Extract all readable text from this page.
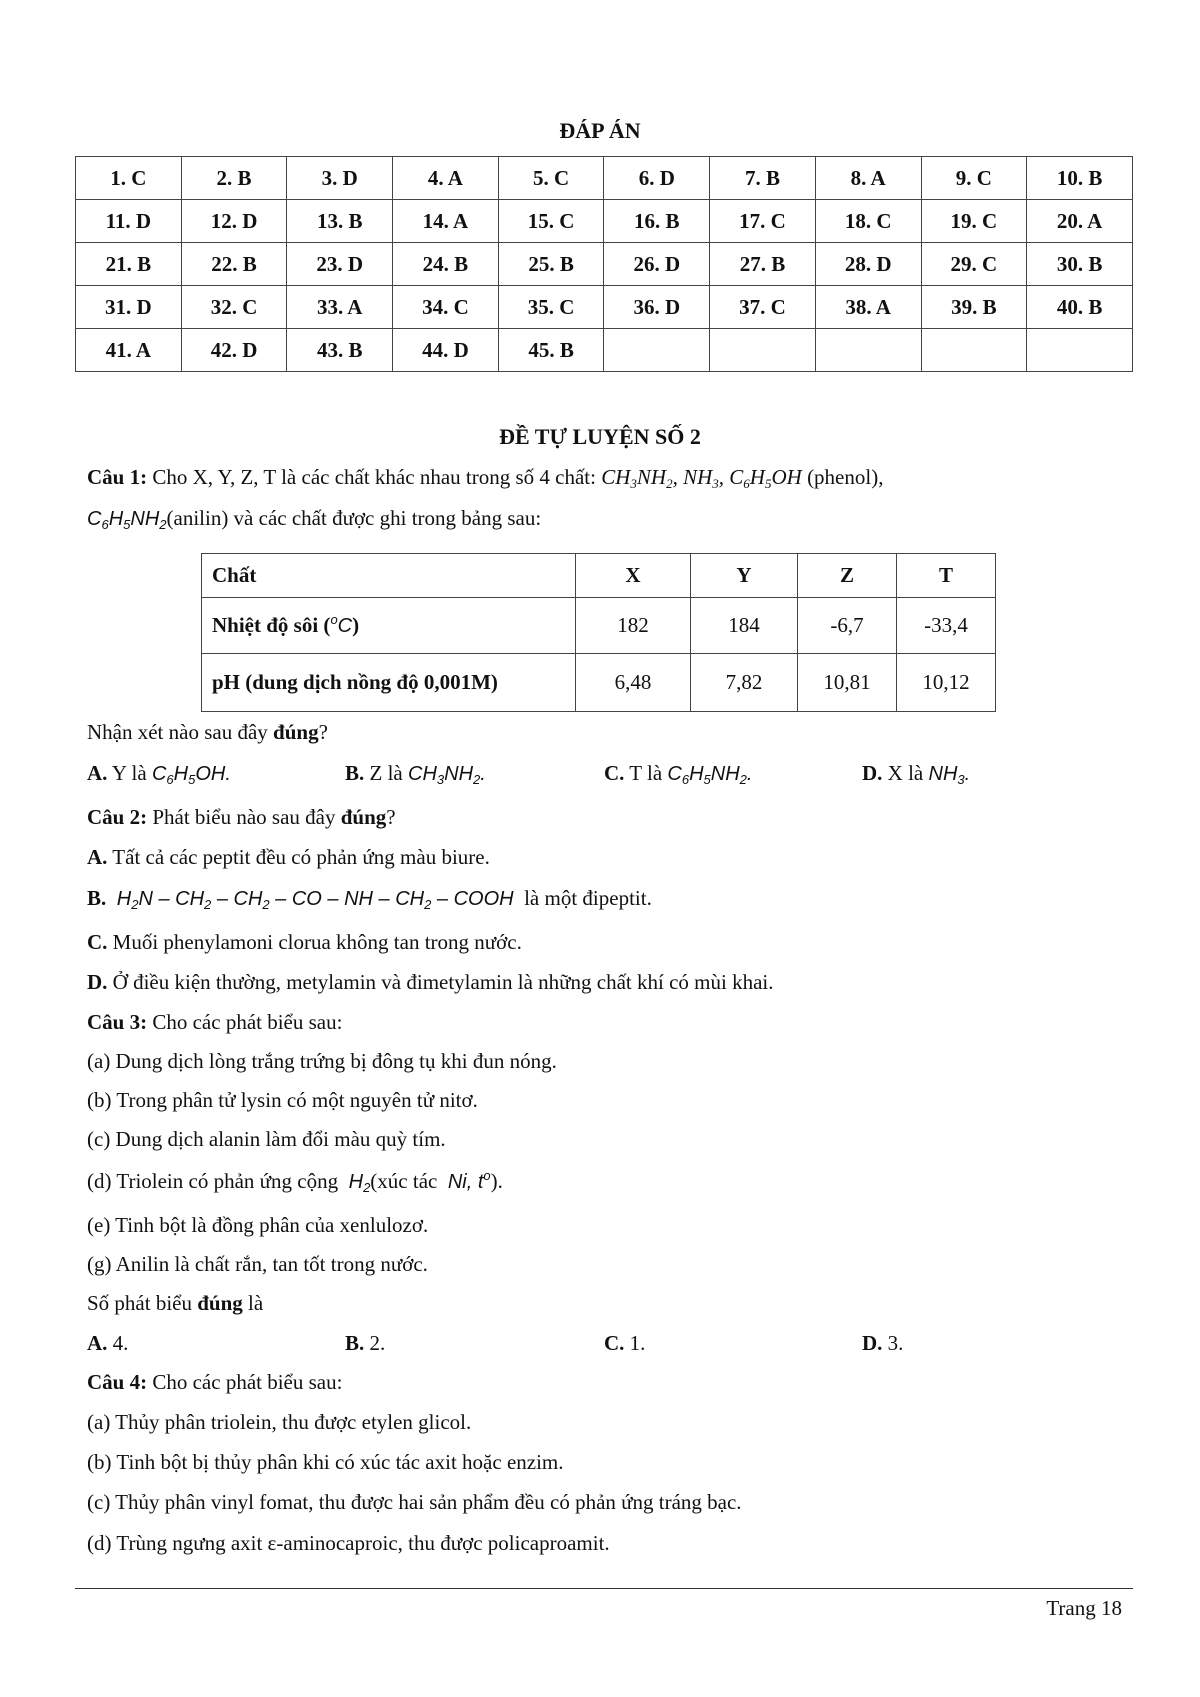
ĐÁP ÁN
1. C	2. B	3. D	4. A	5. C	6. D	7. B	8. A	9. C	10. B
11. D	12. D	13. B	14. A	15. C	16. B	17. C	18. C	19. C	20. A
21. B	22. B	23. D	24. B	25. B	26. D	27. B	28. D	29. C	30. B
31. D	32. C	33. A	34. C	35. C	36. D	37. C	38. A	39. B	40. B
41. A	42. D	43. B	44. D	45. B					
ĐỀ TỰ LUYỆN SỐ 2
Câu 1: Cho X, Y, Z, T là các chất khác nhau trong số 4 chất: $CH_3NH_2$, $NH_3$, $C_6H_5OH$ (phenol),
$C_6H_5NH_2(anilin)$ và các chất được ghi trong bảng sau:
Chất	X	Y	Z	T
Nhiệt độ sôi ($^o$C)	182	184	-6,7	-33,4
pH (dung dịch nồng độ 0,001M)	6,48	7,82	10,81	10,12
Nhận xét nào sau đây đúng?
A. Y là $C_6H_5OH$.	B. Z là $CH_3NH_2$.	C. T là $C_6H_5NH_2$.	D. X là $NH_3$.
Câu 2: Phát biểu nào sau đây đúng?
A. Tất cả các peptit đều có phản ứng màu biure.
B. $H_2N - CH_2 - CH_2$ – CO – NH – $CH_2$ – COOH là một đipeptit.
C. Muối phenylamoni clorua không tan trong nước.
D. Ở điều kiện thường, metylamin và đimetylamin là những chất khí có mùi khai.
Câu 3: Cho các phát biểu sau:
(a) Dung dịch lòng trắng trứng bị đông tụ khi đun nóng.
(b) Trong phân tử lysin có một nguyên tử nitơ.
(c) Dung dịch alanin làm đổi màu quỳ tím.
(d) Triolein có phản ứng cộng $H_2(xúc$ tác Ni, $t^o$).
(e) Tinh bột là đồng phân của xenlulozơ.
(g) Anilin là chất rắn, tan tốt trong nước.
Số phát biểu đúng là
A. 4.	B. 2.	C. 1.	D. 3.
Câu 4: Cho các phát biểu sau:
(a) Thủy phân triolein, thu được etylen glicol.
(b) Tinh bột bị thủy phân khi có xúc tác axit hoặc enzim.
(c) Thủy phân vinyl fomat, thu được hai sản phẩm đều có phản ứng tráng bạc.
(d) Trùng ngưng axit ε-aminocaproic, thu được policaproamit.
Trang 18
